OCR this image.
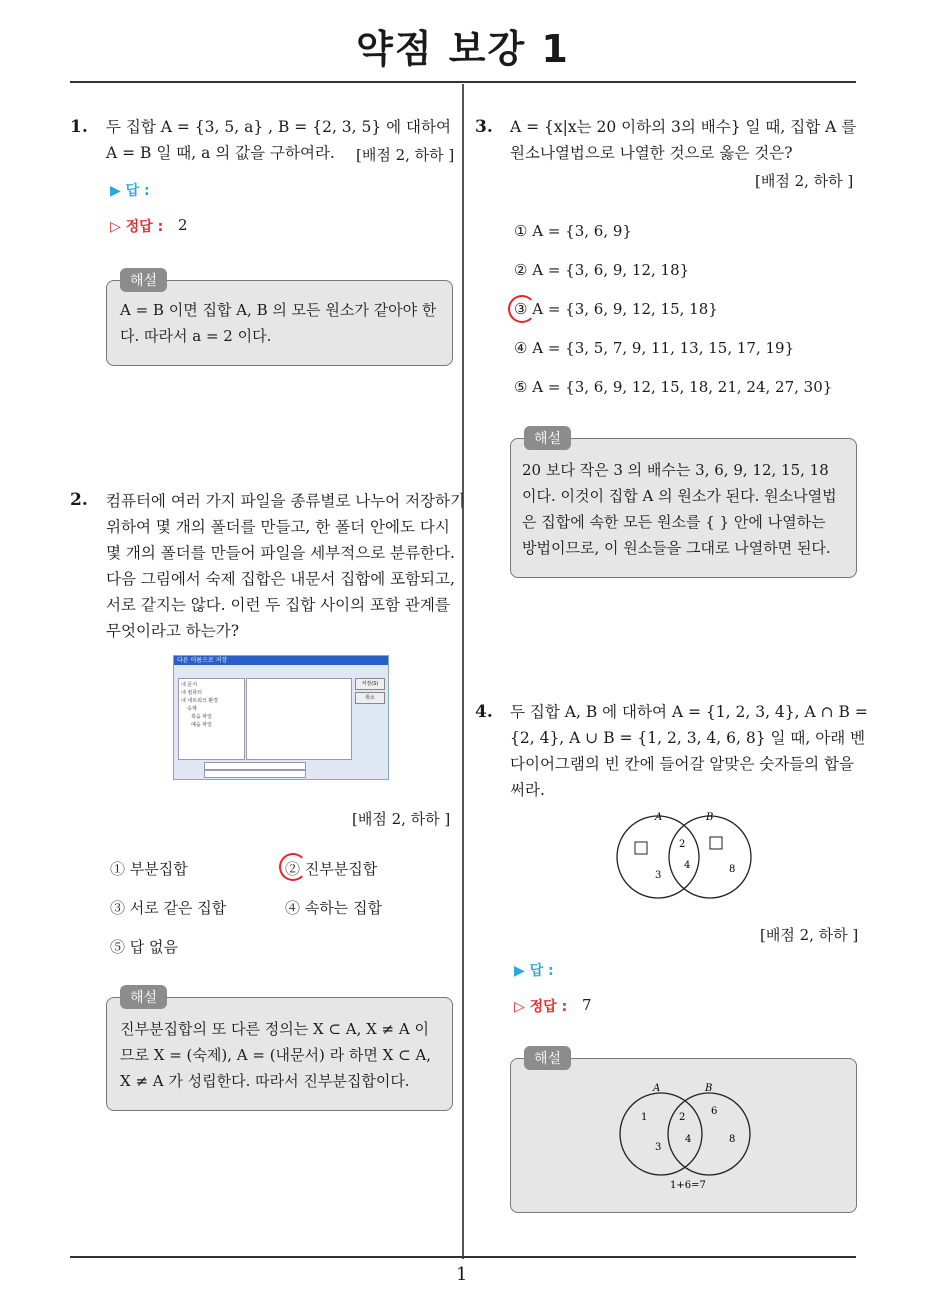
약점 보강 1
1. 두 집합 A = {3, 5, a} , B = {2, 3, 5} 에 대하여
A = B 일 때, a 의 값을 구하여라. [배점 2, 하하 ]
▶ 답 :
▷ 정답 : 2
해설
A = B 이면 집합 A, B 의 모든 원소가 같아야 한
다. 따라서 a = 2 이다.
2. 컴퓨터에 여러 가지 파일을 종류별로 나누어 저장하기
위하여 몇 개의 폴더를 만들고, 한 폴더 안에도 다시
몇 개의 폴더를 만들어 파일을 세부적으로 분류한다.
다음 그림에서 숙제 집합은 내문서 집합에 포함되고,
서로 같지는 않다. 이런 두 집합 사이의 포함 관계를
무엇이라고 하는가?
다른 이름으로 저장
내 문서
내 컴퓨터
내 네트워크 환경
숙제
복습 파일
예습 파일
저장(S)
취소
[배점 2, 하하 ]
① 부분집합	② 진부분집합
③ 서로 같은 집합	④ 속하는 집합
⑤ 답 없음
해설
진부분집합의 또 다른 정의는 X ⊂ A, X ≠ A 이
므로 X = (숙제), A = (내문서) 라 하면 X ⊂ A,
X ≠ A 가 성립한다. 따라서 진부분집합이다.
3. A = {x|x는 20 이하의 3의 배수} 일 때, 집합 A 를
원소나열법으로 나열한 것으로 옳은 것은?
[배점 2, 하하 ]
① A = {3, 6, 9}
② A = {3, 6, 9, 12, 18}
③ A = {3, 6, 9, 12, 15, 18}
④ A = {3, 5, 7, 9, 11, 13, 15, 17, 19}
⑤ A = {3, 6, 9, 12, 15, 18, 21, 24, 27, 30}
해설
20 보다 작은 3 의 배수는 3, 6, 9, 12, 15, 18
이다. 이것이 집합 A 의 원소가 된다. 원소나열법
은 집합에 속한 모든 원소를 { } 안에 나열하는
방법이므로, 이 원소들을 그대로 나열하면 된다.
4. 두 집합 A, B 에 대하여 A = {1, 2, 3, 4}, A ∩ B =
{2, 4}, A ∪ B = {1, 2, 3, 4, 6, 8} 일 때, 아래 벤
다이어그램의 빈 칸에 들어갈 알맞은 숫자들의 합을
써라.
A	B
2
3
4	8
[배점 2, 하하 ]
▶ 답 :
▷ 정답 : 7
해설
A	B
1	2
6
3
4	8
1+6=7
1
